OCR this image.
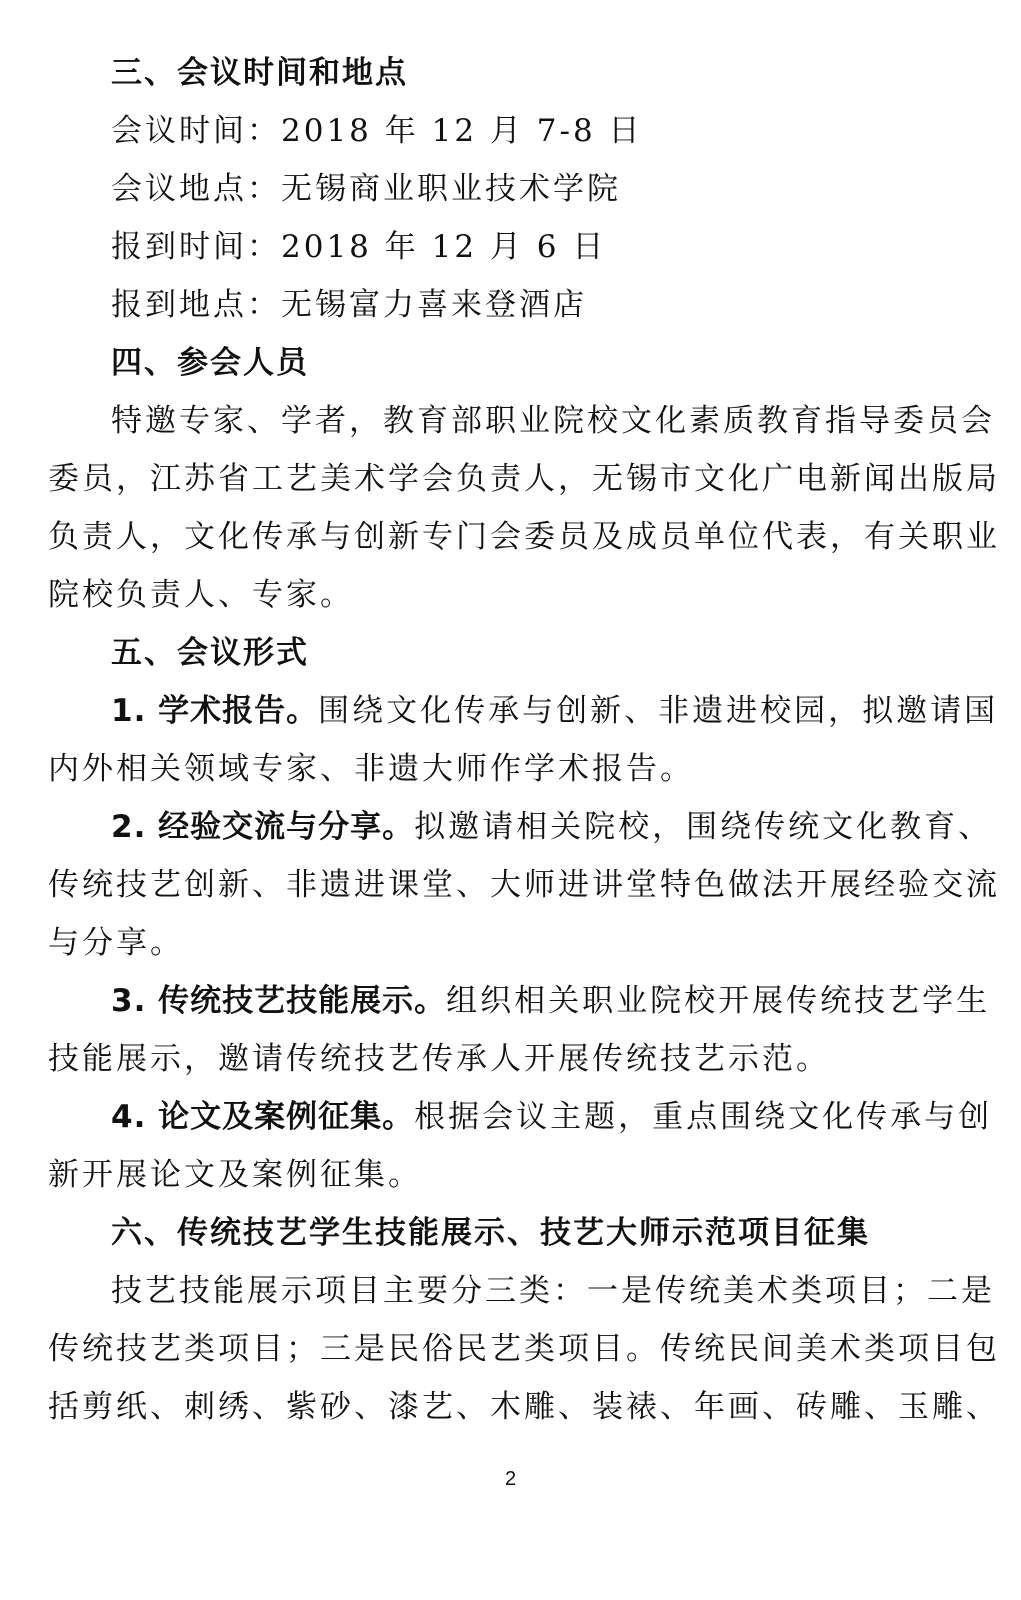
三、会议时间和地点
会议时间：2018 年 12 月 7-8 日
会议地点：无锡商业职业技术学院
报到时间：2018 年 12 月 6 日
报到地点：无锡富力喜来登酒店
四、参会人员
特邀专家、学者，教育部职业院校文化素质教育指导委员会
委员，江苏省工艺美术学会负责人，无锡市文化广电新闻出版局
负责人，文化传承与创新专门会委员及成员单位代表，有关职业
院校负责人、专家。
五、会议形式
1. 学术报告。围绕文化传承与创新、非遗进校园，拟邀请国
内外相关领域专家、非遗大师作学术报告。
2. 经验交流与分享。拟邀请相关院校，围绕传统文化教育、
传统技艺创新、非遗进课堂、大师进讲堂特色做法开展经验交流
与分享。
3. 传统技艺技能展示。组织相关职业院校开展传统技艺学生
技能展示，邀请传统技艺传承人开展传统技艺示范。
4. 论文及案例征集。根据会议主题，重点围绕文化传承与创
新开展论文及案例征集。
六、传统技艺学生技能展示、技艺大师示范项目征集
技艺技能展示项目主要分三类：一是传统美术类项目；二是
传统技艺类项目；三是民俗民艺类项目。传统民间美术类项目包
括剪纸、刺绣、紫砂、漆艺、木雕、装裱、年画、砖雕、玉雕、
2
